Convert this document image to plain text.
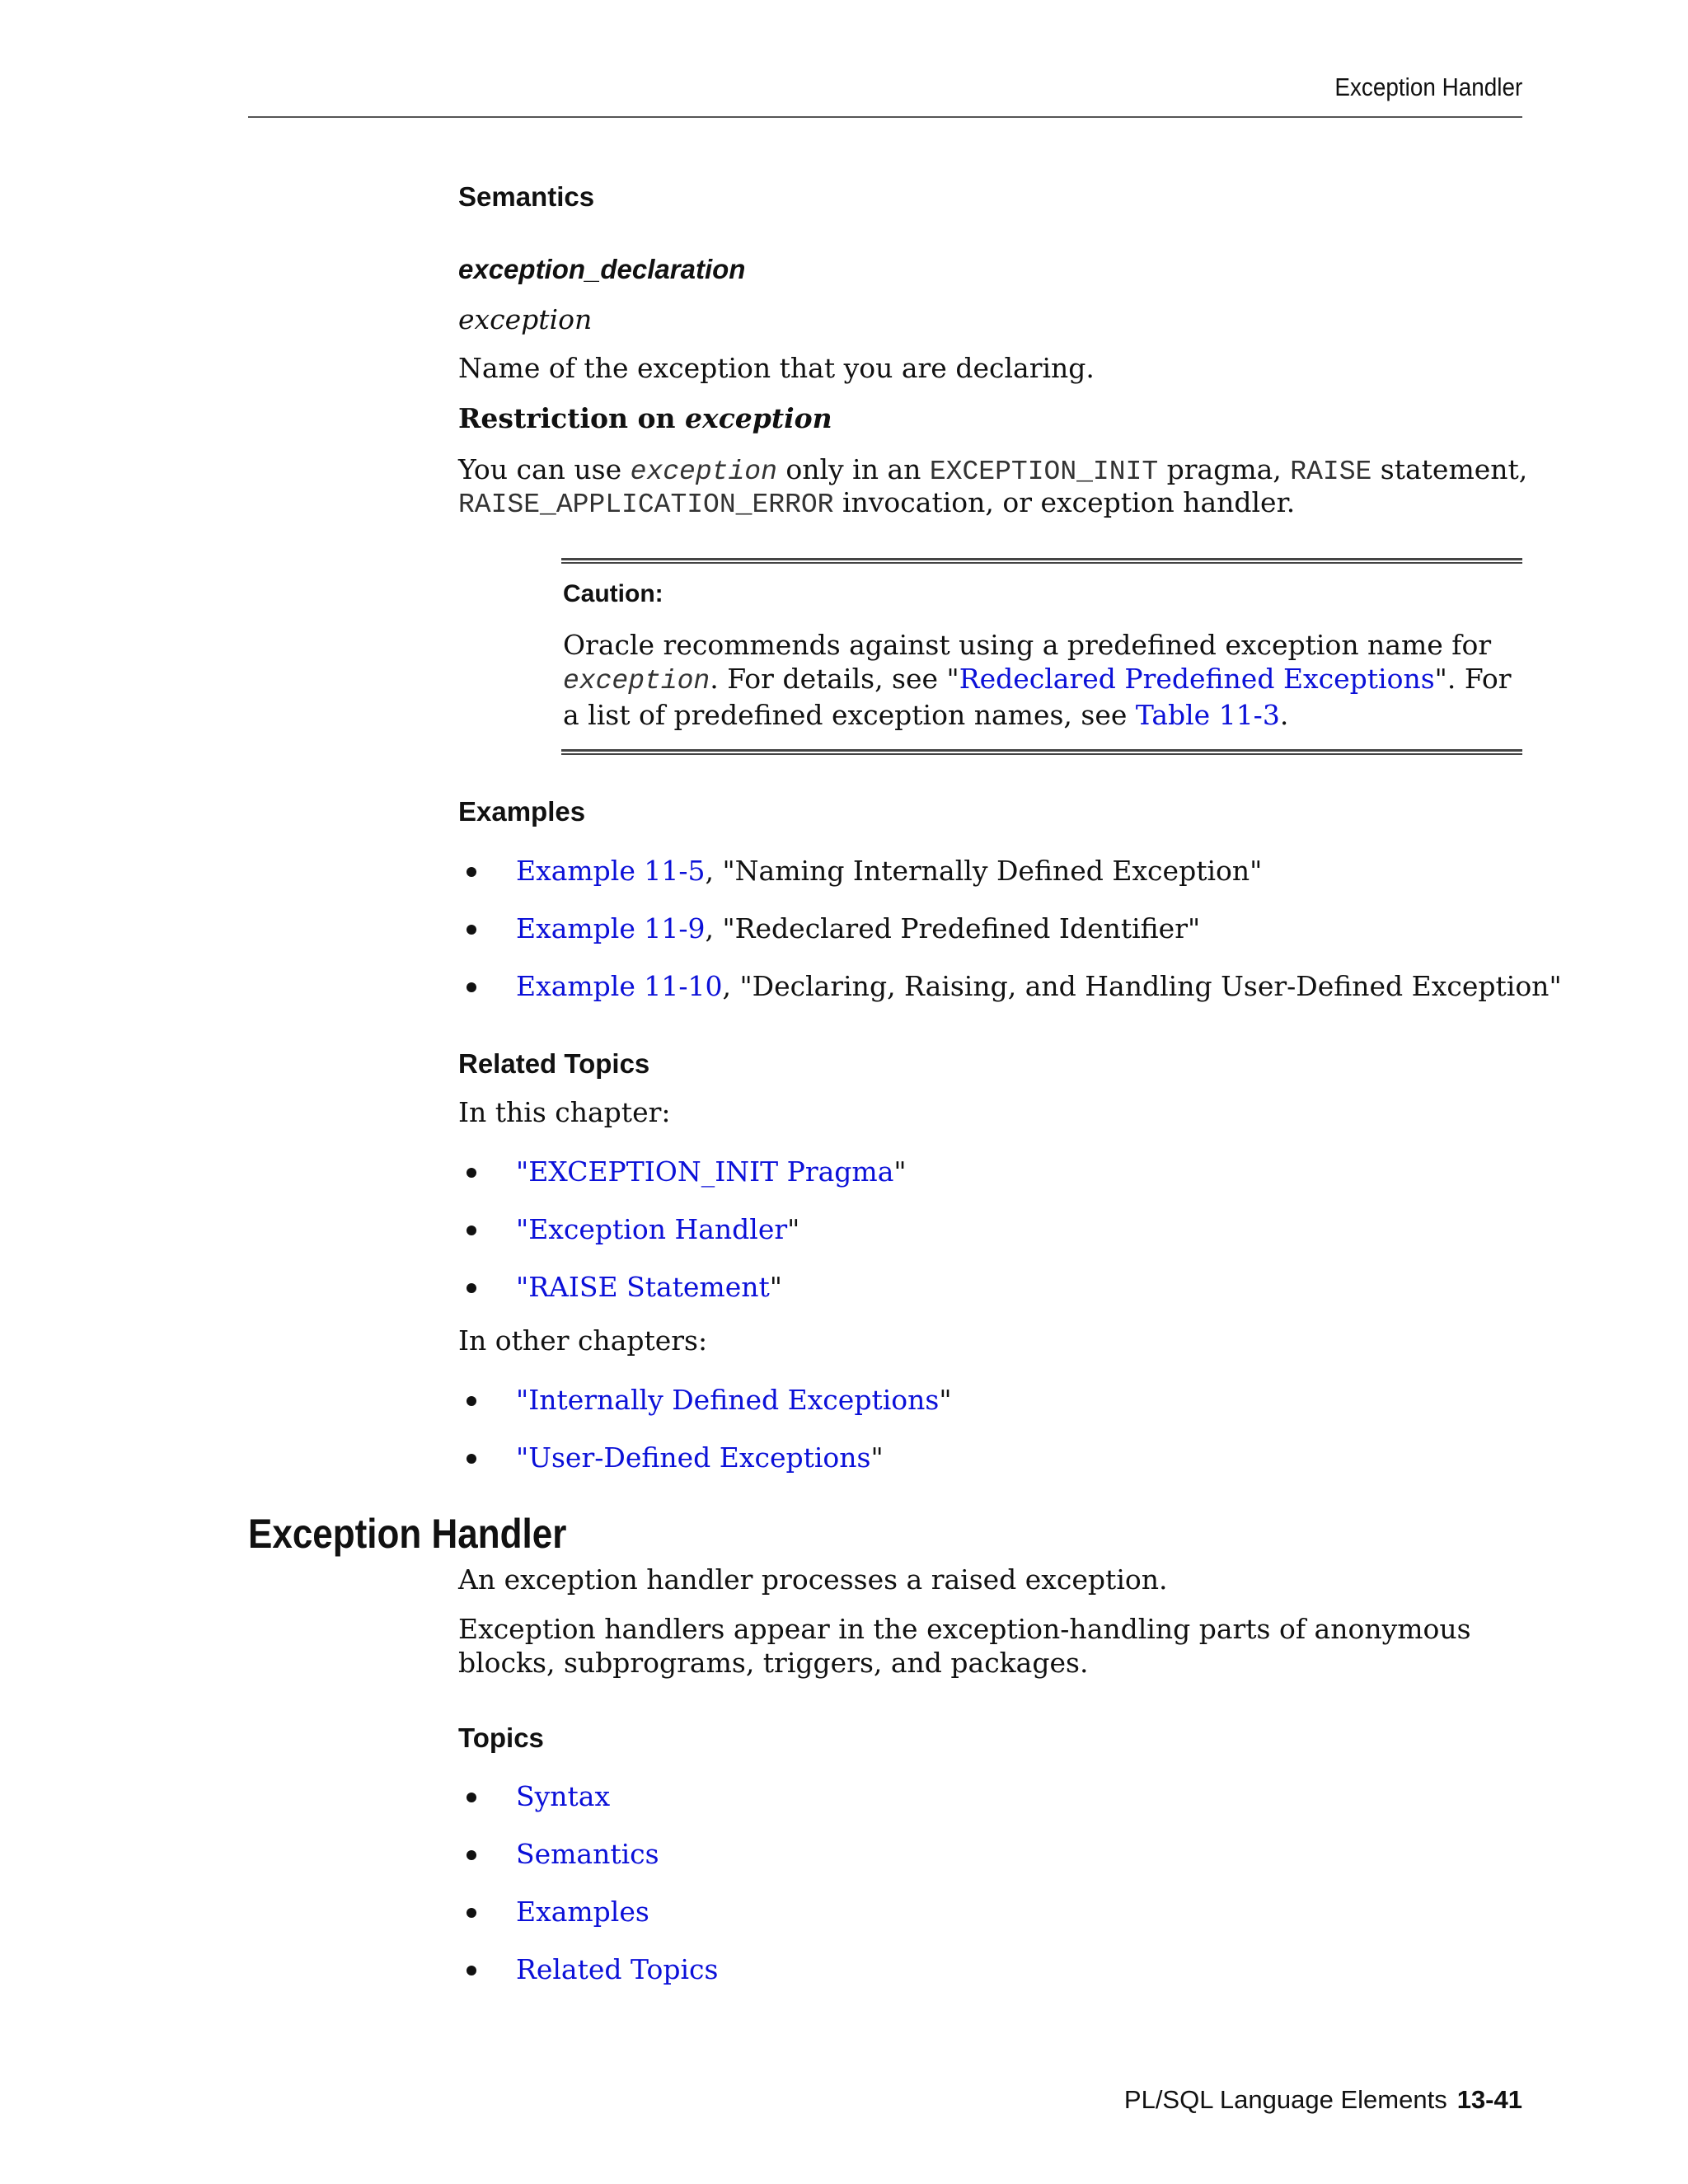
Exception Handler
Semantics
exception_declaration
exception
Name of the exception that you are declaring.
Restriction on exception
You can use exception only in an EXCEPTION_INIT pragma, RAISE statement,
RAISE_APPLICATION_ERROR invocation, or exception handler.
Caution:
Oracle recommends against using a predefined exception name for exception. For details, see "Redeclared Predefined Exceptions". For a list of predefined exception names, see Table 11-3.
Examples
Example 11-5, "Naming Internally Defined Exception"
Example 11-9, "Redeclared Predefined Identifier"
Example 11-10, "Declaring, Raising, and Handling User-Defined Exception"
Related Topics
In this chapter:
"EXCEPTION_INIT Pragma"
"Exception Handler"
"RAISE Statement"
In other chapters:
"Internally Defined Exceptions"
"User-Defined Exceptions"
Exception Handler
An exception handler processes a raised exception.
Exception handlers appear in the exception-handling parts of anonymous blocks, subprograms, triggers, and packages.
Topics
Syntax
Semantics
Examples
Related Topics
PL/SQL Language Elements 13-41
